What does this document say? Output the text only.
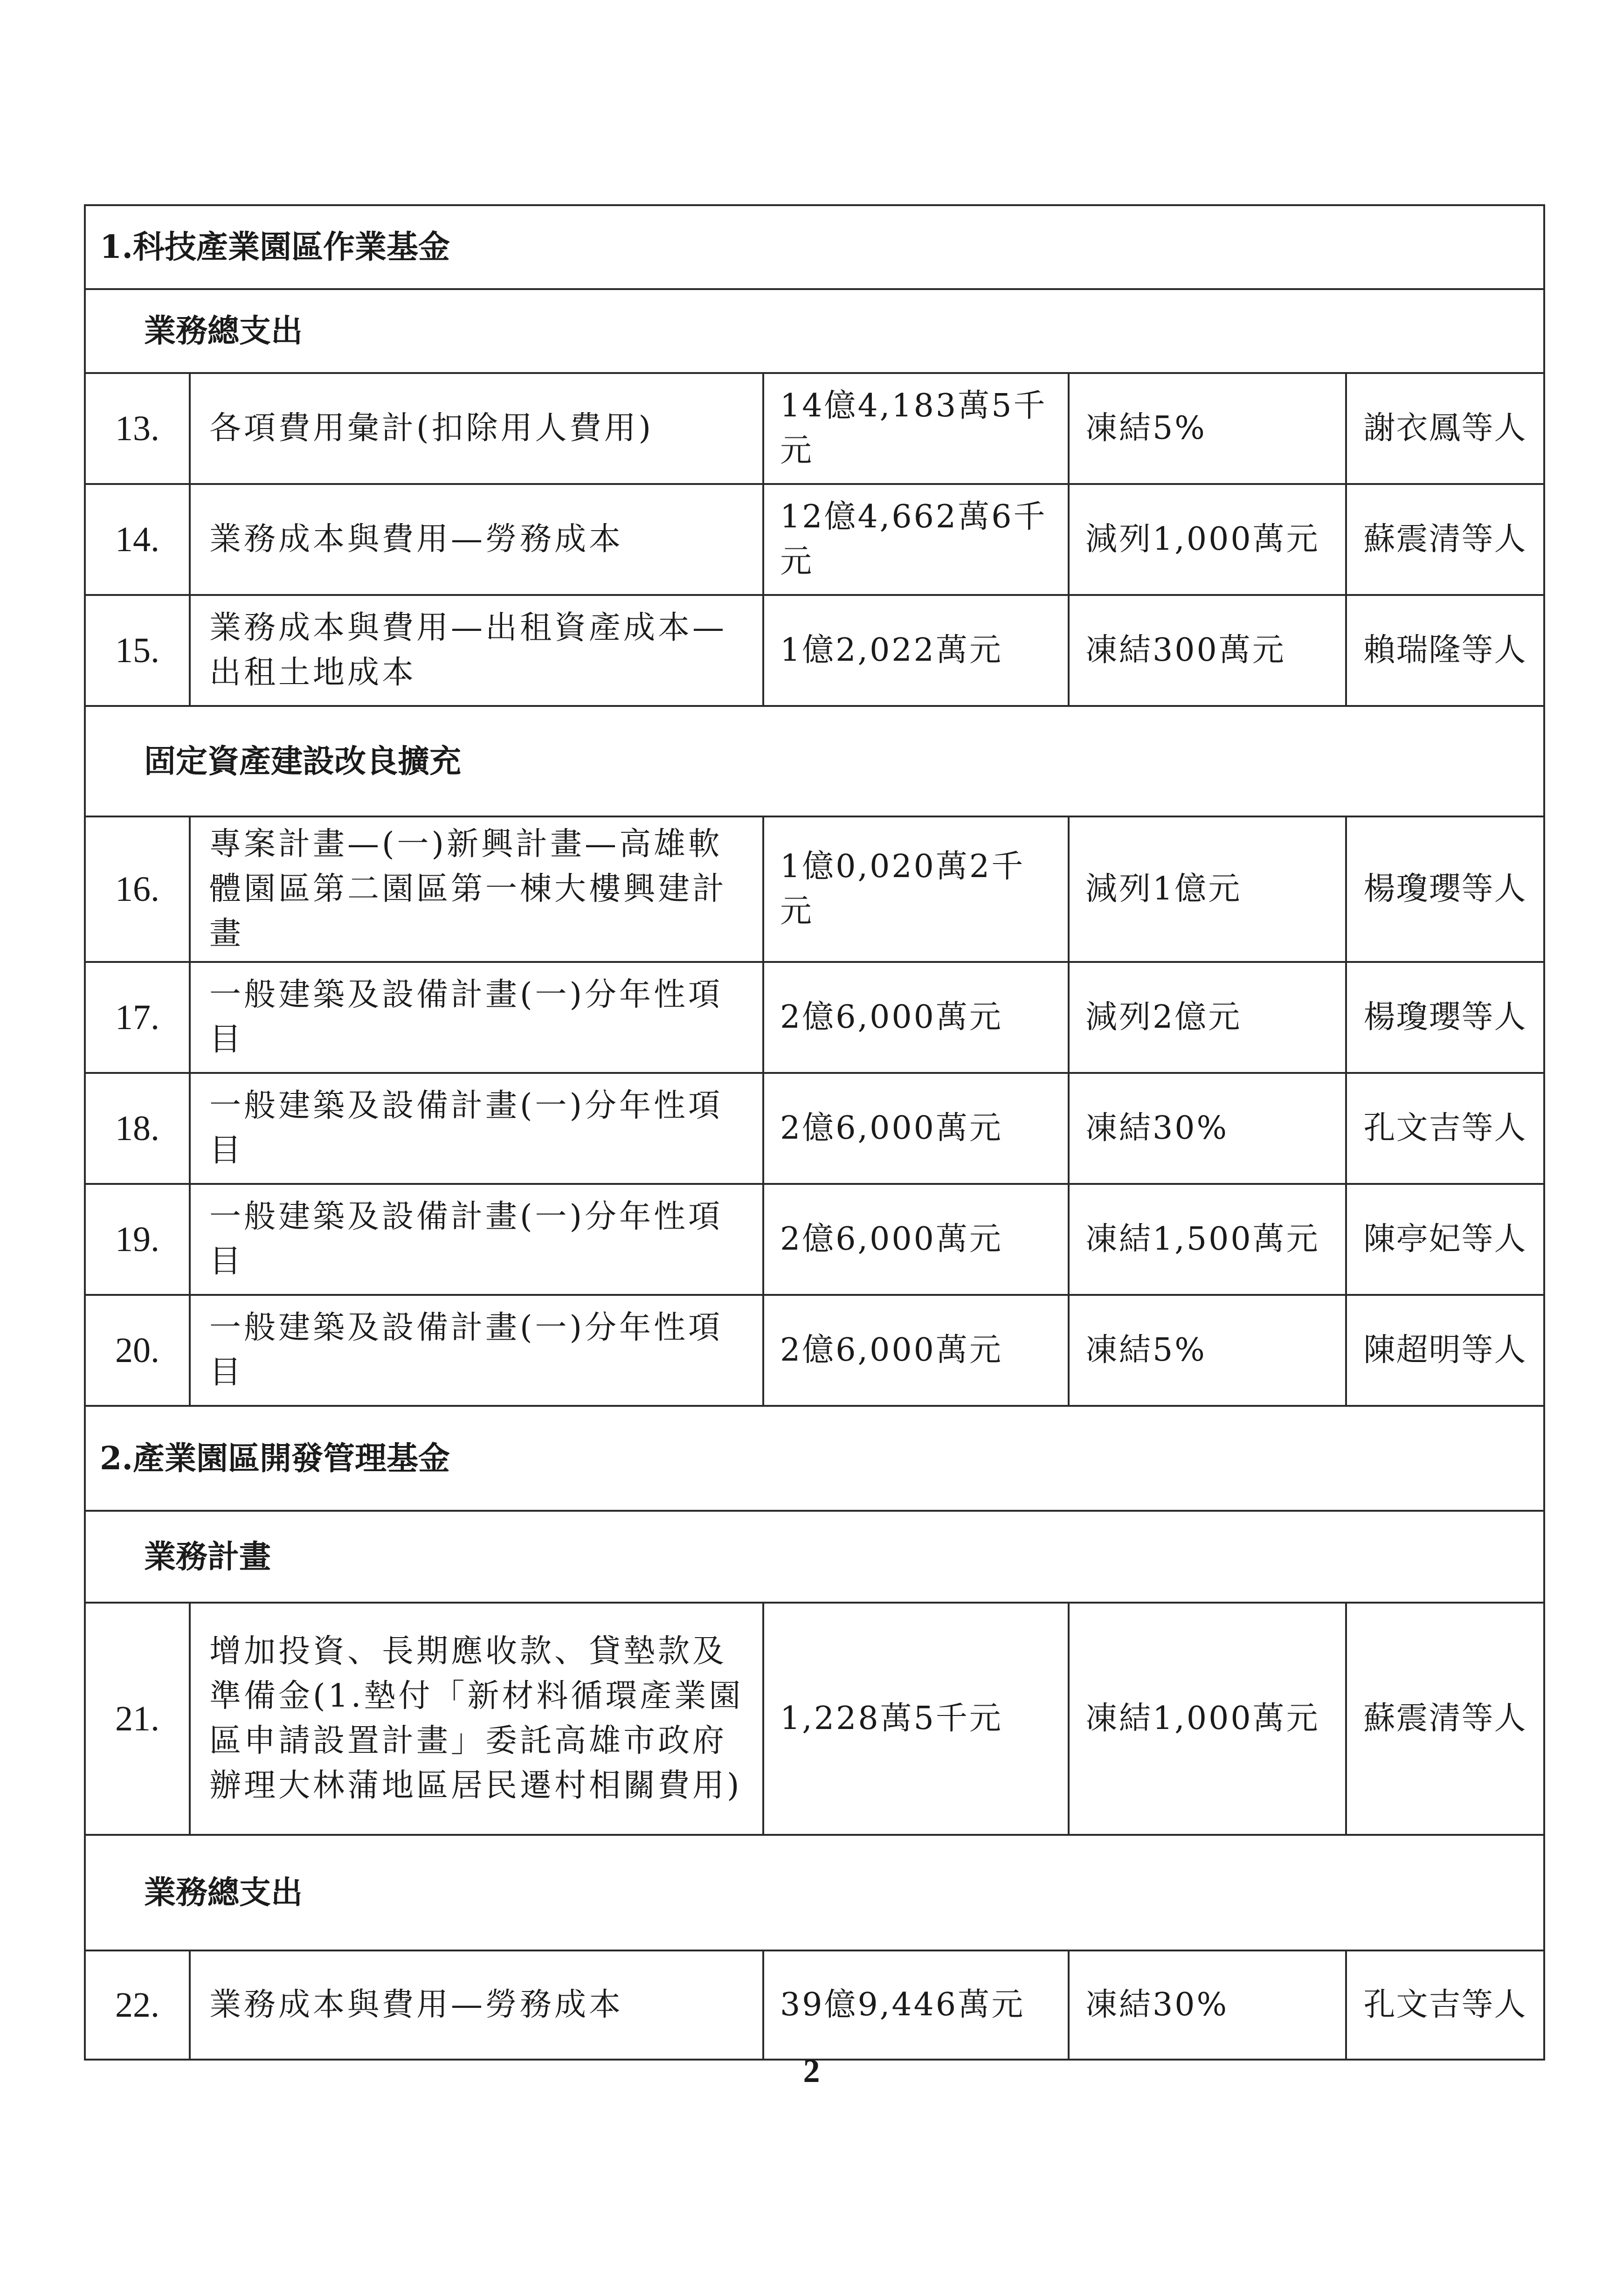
1.科技產業園區作業基金				
業務總支出				
13.	各項費用彙計(扣除用人費用)	14億4,183萬5千元	凍結5%	謝衣鳳等人
14.	業務成本與費用—勞務成本	12億4,662萬6千元	減列1,000萬元	蘇震清等人
15.	業務成本與費用—出租資產成本—出租土地成本	1億2,022萬元	凍結300萬元	賴瑞隆等人
固定資產建設改良擴充				
16.	專案計畫—(一)新興計畫—高雄軟體園區第二園區第一棟大樓興建計畫	1億0,020萬2千元	減列1億元	楊瓊瓔等人
17.	一般建築及設備計畫(一)分年性項目	2億6,000萬元	減列2億元	楊瓊瓔等人
18.	一般建築及設備計畫(一)分年性項目	2億6,000萬元	凍結30%	孔文吉等人
19.	一般建築及設備計畫(一)分年性項目	2億6,000萬元	凍結1,500萬元	陳亭妃等人
20.	一般建築及設備計畫(一)分年性項目	2億6,000萬元	凍結5%	陳超明等人
2.產業園區開發管理基金				
業務計畫				
21.	增加投資、長期應收款、貸墊款及準備金(1.墊付「新材料循環產業園區申請設置計畫」委託高雄市政府辦理大林蒲地區居民遷村相關費用)	1,228萬5千元	凍結1,000萬元	蘇震清等人
業務總支出				
22.	業務成本與費用—勞務成本	39億9,446萬元	凍結30%	孔文吉等人
2
